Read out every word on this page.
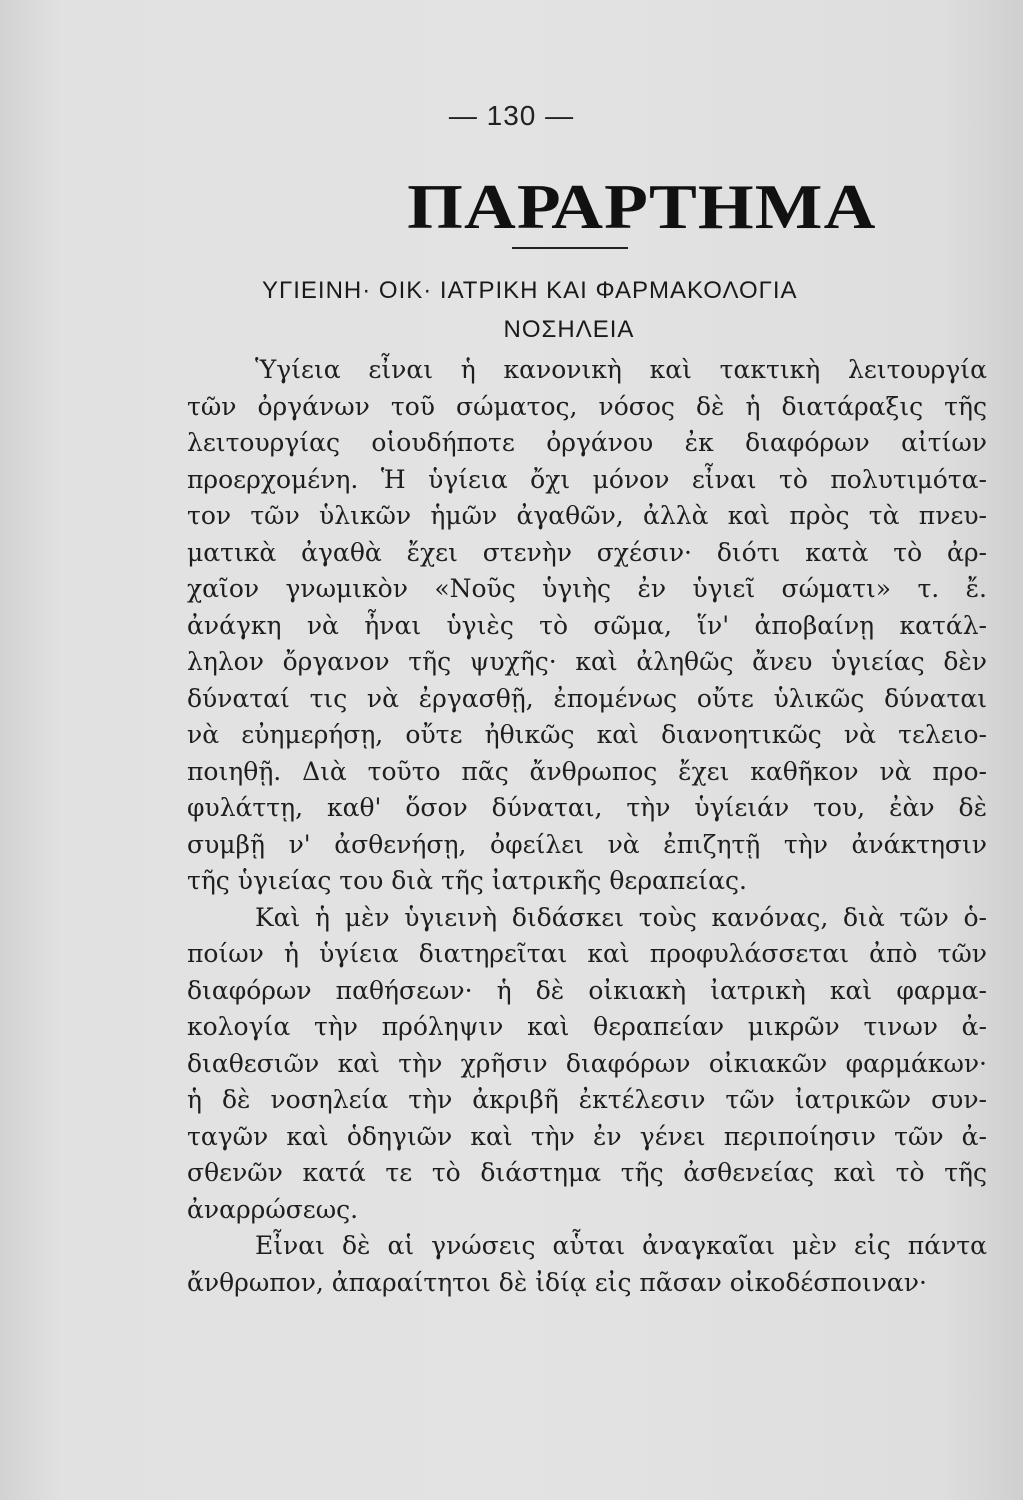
— 130 —
ΠΑΡΑΡΤΗΜΑ
ΥΓΙΕΙΝΗ· ΟΙΚ· ΙΑΤΡΙΚΗ ΚΑΙ ΦΑΡΜΑΚΟΛΟΓΙΑ
ΝΟΣΗΛΕΙΑ
Ὑγίεια εἶναι ἡ κανονικὴ καὶ τακτικὴ λειτουργία
τῶν ὀργάνων τοῦ σώματος, νόσος δὲ ἡ διατάραξις τῆς
λειτουργίας οἱουδήποτε ὀργάνου ἐκ διαφόρων αἰτίων
προερχομένη. Ἡ ὑγίεια ὄχι μόνον εἶναι τὸ πολυτιμότα-
τον τῶν ὑλικῶν ἡμῶν ἀγαθῶν, ἀλλὰ καὶ πρὸς τὰ πνευ-
ματικὰ ἀγαθὰ ἔχει στενὴν σχέσιν· διότι κατὰ τὸ ἀρ-
χαῖον γνωμικὸν «Νοῦς ὑγιὴς ἐν ὑγιεῖ σώματι» τ. ἔ.
ἀνάγκη νὰ ἦναι ὑγιὲς τὸ σῶμα, ἵν' ἀποβαίνῃ κατάλ-
ληλον ὄργανον τῆς ψυχῆς· καὶ ἀληθῶς ἄνευ ὑγιείας δὲν
δύναταί τις νὰ ἐργασθῇ, ἐπομένως οὔτε ὑλικῶς δύναται
νὰ εὐημερήσῃ, οὔτε ἠθικῶς καὶ διανοητικῶς νὰ τελειο-
ποιηθῇ. Διὰ τοῦτο πᾶς ἄνθρωπος ἔχει καθῆκον νὰ προ-
φυλάττῃ, καθ' ὅσον δύναται, τὴν ὑγίειάν του, ἐὰν δὲ
συμβῇ ν' ἀσθενήσῃ, ὀφείλει νὰ ἐπιζητῇ τὴν ἀνάκτησιν
τῆς ὑγιείας του διὰ τῆς ἰατρικῆς θεραπείας.
Καὶ ἡ μὲν ὑγιεινὴ διδάσκει τοὺς κανόνας, διὰ τῶν ὁ-
ποίων ἡ ὑγίεια διατηρεῖται καὶ προφυλάσσεται ἀπὸ τῶν
διαφόρων παθήσεων· ἡ δὲ οἰκιακὴ ἰατρικὴ καὶ φαρμα-
κολογία τὴν πρόληψιν καὶ θεραπείαν μικρῶν τινων ἀ-
διαθεσιῶν καὶ τὴν χρῆσιν διαφόρων οἰκιακῶν φαρμάκων·
ἡ δὲ νοσηλεία τὴν ἀκριβῆ ἐκτέλεσιν τῶν ἰατρικῶν συν-
ταγῶν καὶ ὁδηγιῶν καὶ τὴν ἐν γένει περιποίησιν τῶν ἀ-
σθενῶν κατά τε τὸ διάστημα τῆς ἀσθενείας καὶ τὸ τῆς
ἀναρρώσεως.
Εἶναι δὲ αἱ γνώσεις αὗται ἀναγκαῖαι μὲν εἰς πάντα
ἄνθρωπον, ἀπαραίτητοι δὲ ἰδίᾳ εἰς πᾶσαν οἰκοδέσποιναν·
